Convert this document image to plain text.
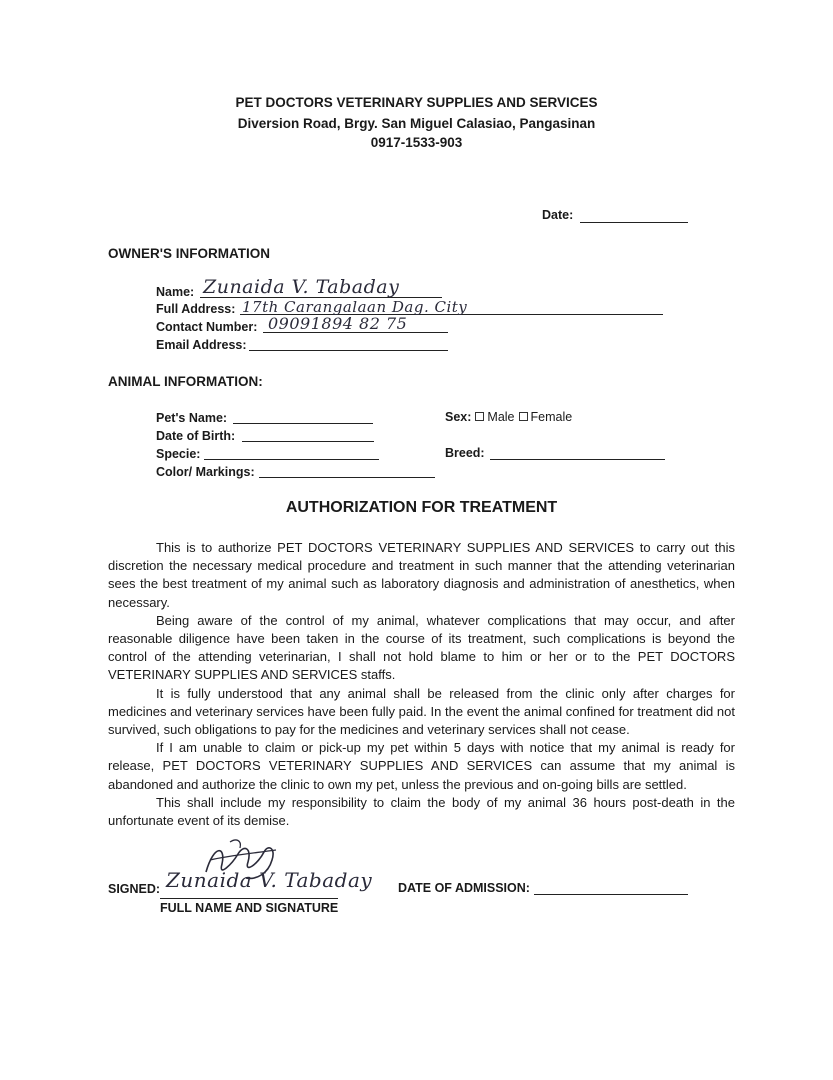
PET DOCTORS VETERINARY SUPPLIES AND SERVICES
Diversion Road, Brgy. San Miguel Calasiao, Pangasinan
0917-1533-903
Date:
OWNER'S INFORMATION
Name: Zunaida V. Tabaday
Full Address: 17th Carangalaan Dag. City
Contact Number: 09091894 82 75
Email Address:
ANIMAL INFORMATION:
Pet's Name:
Date of Birth:
Specie:
Color/ Markings:
Sex: Male Female
Breed:
AUTHORIZATION FOR TREATMENT

This is to authorize PET DOCTORS VETERINARY SUPPLIES AND SERVICES to carry out this discretion the necessary medical procedure and treatment in such manner that the attending veterinarian sees the best treatment of my animal such as laboratory diagnosis and administration of anesthetics, when necessary.

Being aware of the control of my animal, whatever complications that may occur, and after reasonable diligence have been taken in the course of its treatment, such complications is beyond the control of the attending veterinarian, I shall not hold blame to him or her or to the PET DOCTORS VETERINARY SUPPLIES AND SERVICES staffs.

It is fully understood that any animal shall be released from the clinic only after charges for medicines and veterinary services have been fully paid. In the event the animal confined for treatment did not survived, such obligations to pay for the medicines and veterinary services shall not cease.

If I am unable to claim or pick-up my pet within 5 days with notice that my animal is ready for release, PET DOCTORS VETERINARY SUPPLIES AND SERVICES can assume that my animal is abandoned and authorize the clinic to own my pet, unless the previous and on-going bills are settled.

This shall include my responsibility to claim the body of my animal 36 hours post-death in the unfortunate event of its demise.

SIGNED: Zunaida V. Tabaday
FULL NAME AND SIGNATURE
DATE OF ADMISSION:
